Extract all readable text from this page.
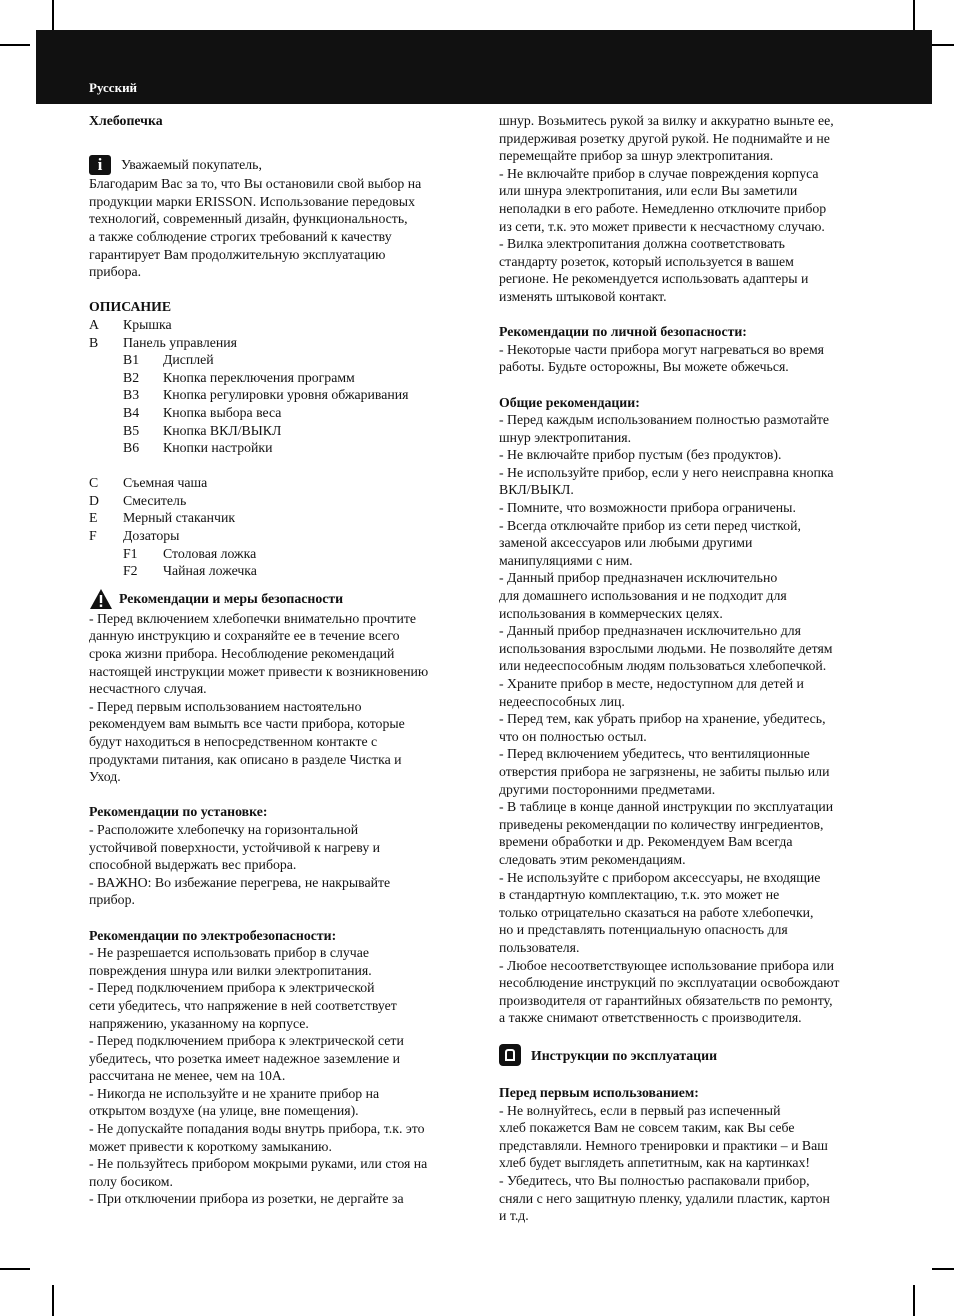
Русский

Хлебопечка

i	Уважаемый покупатель,

Благодарим Вас за то, что Вы остановили свой выбор на
продукции марки ERISSON. Использование передовых
технологий, современный дизайн, функциональность,
а также соблюдение строгих требований к качеству
гарантирует Вам продолжительную эксплуатацию
прибора.

ОПИСАНИЕ

A	Крышка
B	Панель управления
B1	Дисплей
B2	Кнопка переключения программ
B3	Кнопка регулировки уровня обжаривания
B4	Кнопка выбора веса
B5	Кнопка ВКЛ/ВЫКЛ
B6	Кнопки настройки
C	Съемная чаша
D	Смеситель
E	Мерный стаканчик
F	Дозаторы
F1	Столовая ложка
F2	Чайная ложечка
Рекомендации и меры безопасности

- Перед включением хлебопечки внимательно прочтите
данную инструкцию и сохраняйте ее в течение всего
срока жизни прибора. Несоблюдение рекомендаций
настоящей инструкции может привести к возникновению
несчастного случая.
- Перед первым использованием настоятельно
рекомендуем вам вымыть все части прибора, которые
будут находиться в непосредственном контакте с
продуктами питания, как описано в разделе Чистка и
Уход.

Рекомендации по установке:

- Расположите хлебопечку на горизонтальной
устойчивой поверхности, устойчивой к нагреву и
способной выдержать вес прибора.
- ВАЖНО: Во избежание перегрева, не накрывайте
прибор.

Рекомендации по электробезопасности:

- Не разрешается использовать прибор в случае
повреждения шнура или вилки электропитания.
- Перед подключением прибора к электрической
сети убедитесь, что напряжение в ней соответствует
напряжению, указанному на корпусе.
- Перед подключением прибора к электрической сети
убедитесь, что розетка имеет надежное заземление и
рассчитана не менее, чем на 10А.
- Никогда не используйте и не храните прибор на
открытом воздухе (на улице, вне помещения).
- Не допускайте попадания воды внутрь прибора, т.к. это
может привести к короткому замыканию.
- Не пользуйтесь прибором мокрыми руками, или стоя на
полу босиком.
- При отключении прибора из розетки, не дергайте за

шнур. Возьмитесь рукой за вилку и аккуратно выньте ее,
придерживая розетку другой рукой. Не поднимайте и не
перемещайте прибор за шнур электропитания.
- Не включайте прибор в случае повреждения корпуса
или шнура электропитания, или если Вы заметили
неполадки в его работе. Немедленно отключите прибор
из сети, т.к. это может привести к несчастному случаю.
- Вилка электропитания должна соответствовать
стандарту розеток, который используется в вашем
регионе. Не рекомендуется использовать адаптеры и
изменять штыковой контакт.

Рекомендации по личной безопасности:

- Некоторые части прибора могут нагреваться во время
работы. Будьте осторожны, Вы можете обжечься.

Общие рекомендации:

- Перед каждым использованием полностью размотайте
шнур электропитания.
- Не включайте прибор пустым (без продуктов).
- Не используйте прибор, если у него неисправна кнопка
ВКЛ/ВЫКЛ.
- Помните, что возможности прибора ограничены.
- Всегда отключайте прибор из сети перед чисткой,
заменой аксессуаров или любыми другими
манипуляциями с ним.
- Данный прибор предназначен исключительно
для домашнего использования и не подходит для
использования в коммерческих целях.
- Данный прибор предназначен исключительно для
использования взрослыми людьми. Не позволяйте детям
или недееспособным людям пользоваться хлебопечкой.
- Храните прибор в месте, недоступном для детей и
недееспособных лиц.
- Перед тем, как убрать прибор на хранение, убедитесь,
что он полностью остыл.
- Перед включением убедитесь, что вентиляционные
отверстия прибора не загрязнены, не забиты пылью или
другими посторонними предметами.
- В таблице в конце данной инструкции по эксплуатации
приведены рекомендации по количеству ингредиентов,
времени обработки и др. Рекомендуем Вам всегда
следовать этим рекомендациям.
- Не используйте с прибором аксессуары, не входящие
в стандартную комплектацию, т.к. это может не
только отрицательно сказаться на работе хлебопечки,
но и представлять потенциальную опасность для
пользователя.
- Любое несоответствующее использование прибора или
несоблюдение инструкций по эксплуатации освобождают
производителя от гарантийных обязательств по ремонту,
а также снимают ответственность с производителя.

Инструкции по эксплуатации

Перед первым использованием:

- Не волнуйтесь, если в первый раз испеченный
хлеб покажется Вам не совсем таким, как Вы себе
представляли. Немного тренировки и практики – и Ваш
хлеб будет выглядеть аппетитным, как на картинках!
- Убедитесь, что Вы полностью распаковали прибор,
сняли с него защитную пленку, удалили пластик, картон
и т.д.
